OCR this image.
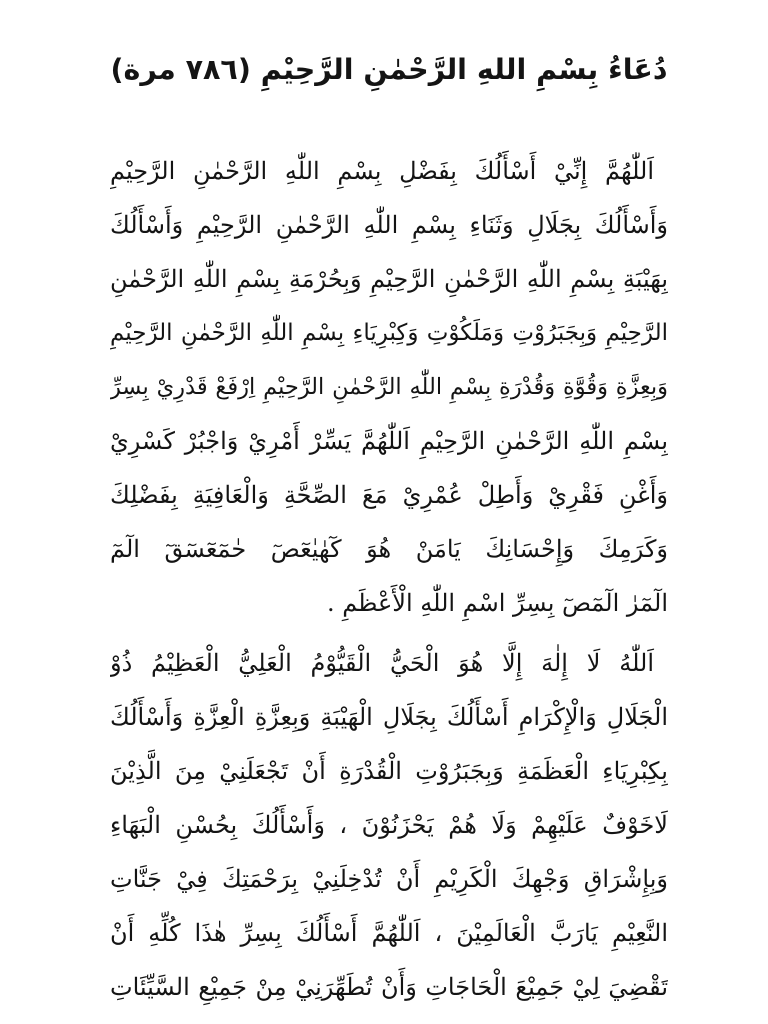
دُعَاءُ بِسْمِ اللهِ الرَّحْمٰنِ الرَّحِيْمِ (٧٨٦ مرة)
اَللّٰهُمَّ إِنِّيْ أَسْأَلُكَ بِفَضْلِ بِسْمِ اللّٰهِ الرَّحْمٰنِ الرَّحِيْمِ
وَأَسْأَلُكَ بِجَلَالِ وَثَنَاءِ بِسْمِ اللّٰهِ الرَّحْمٰنِ الرَّحِيْمِ وَأَسْأَلُكَ
بِهَيْبَةِ بِسْمِ اللّٰهِ الرَّحْمٰنِ الرَّحِيْمِ وَبِحُرْمَةِ بِسْمِ اللّٰهِ الرَّحْمٰنِ
الرَّحِيْمِ وَبِجَبَرُوْتِ وَمَلَكُوْتِ وَكِبْرِيَاءِ بِسْمِ اللّٰهِ الرَّحْمٰنِ الرَّحِيْمِ
وَبِعِزَّةِ وَقُوَّةِ وَقُدْرَةِ بِسْمِ اللّٰهِ الرَّحْمٰنِ الرَّحِيْمِ اِرْفَعْ قَدْرِيْ بِسِرِّ
بِسْمِ اللّٰهِ الرَّحْمٰنِ الرَّحِيْمِ اَللّٰهُمَّ يَسِّرْ أَمْرِيْ وَاجْبُرْ كَسْرِيْ
وَأَغْنِ فَقْرِيْ وَأَطِلْ عُمْرِيْ مَعَ الصِّحَّةِ وَالْعَافِيَةِ بِفَضْلِكَ
وَكَرَمِكَ وَإِحْسَانِكَ يَامَنْ هُوَ كٓهٰيٰعٓصٓ حٰمٓعٓسٓقٓ الٓمٓ
الٓمٓرٰ الٓمٓصٓ بِسِرِّ اسْمِ اللّٰهِ الْأَعْظَمِ .
اَللّٰهُ لَا إِلٰهَ إِلَّا هُوَ الْحَيُّ الْقَيُّوْمُ الْعَلِيُّ الْعَظِيْمُ ذُوْ
الْجَلَالِ وَالْإِكْرَامِ أَسْأَلُكَ بِجَلَالِ الْهَيْبَةِ وَبِعِزَّةِ الْعِزَّةِ وَأَسْأَلُكَ
بِكِبْرِيَاءِ الْعَظَمَةِ وَبِجَبَرُوْتِ الْقُدْرَةِ أَنْ تَجْعَلَنِيْ مِنَ الَّذِيْنَ
لَاخَوْفٌ عَلَيْهِمْ وَلَا هُمْ يَحْزَنُوْنَ ، وَأَسْأَلُكَ بِحُسْنِ الْبَهَاءِ
وَبِإِشْرَاقِ وَجْهِكَ الْكَرِيْمِ أَنْ تُدْخِلَنِيْ بِرَحْمَتِكَ فِيْ جَنَّاتِ
النَّعِيْمِ يَارَبَّ الْعَالَمِيْنَ ، اَللّٰهُمَّ أَسْأَلُكَ بِسِرِّ هٰذَا كُلِّهِ أَنْ
تَقْضِيَ لِيْ جَمِيْعَ الْحَاجَاتِ وَأَنْ تُطَهِّرَنِيْ مِنْ جَمِيْعِ السَّيِّئَاتِ
